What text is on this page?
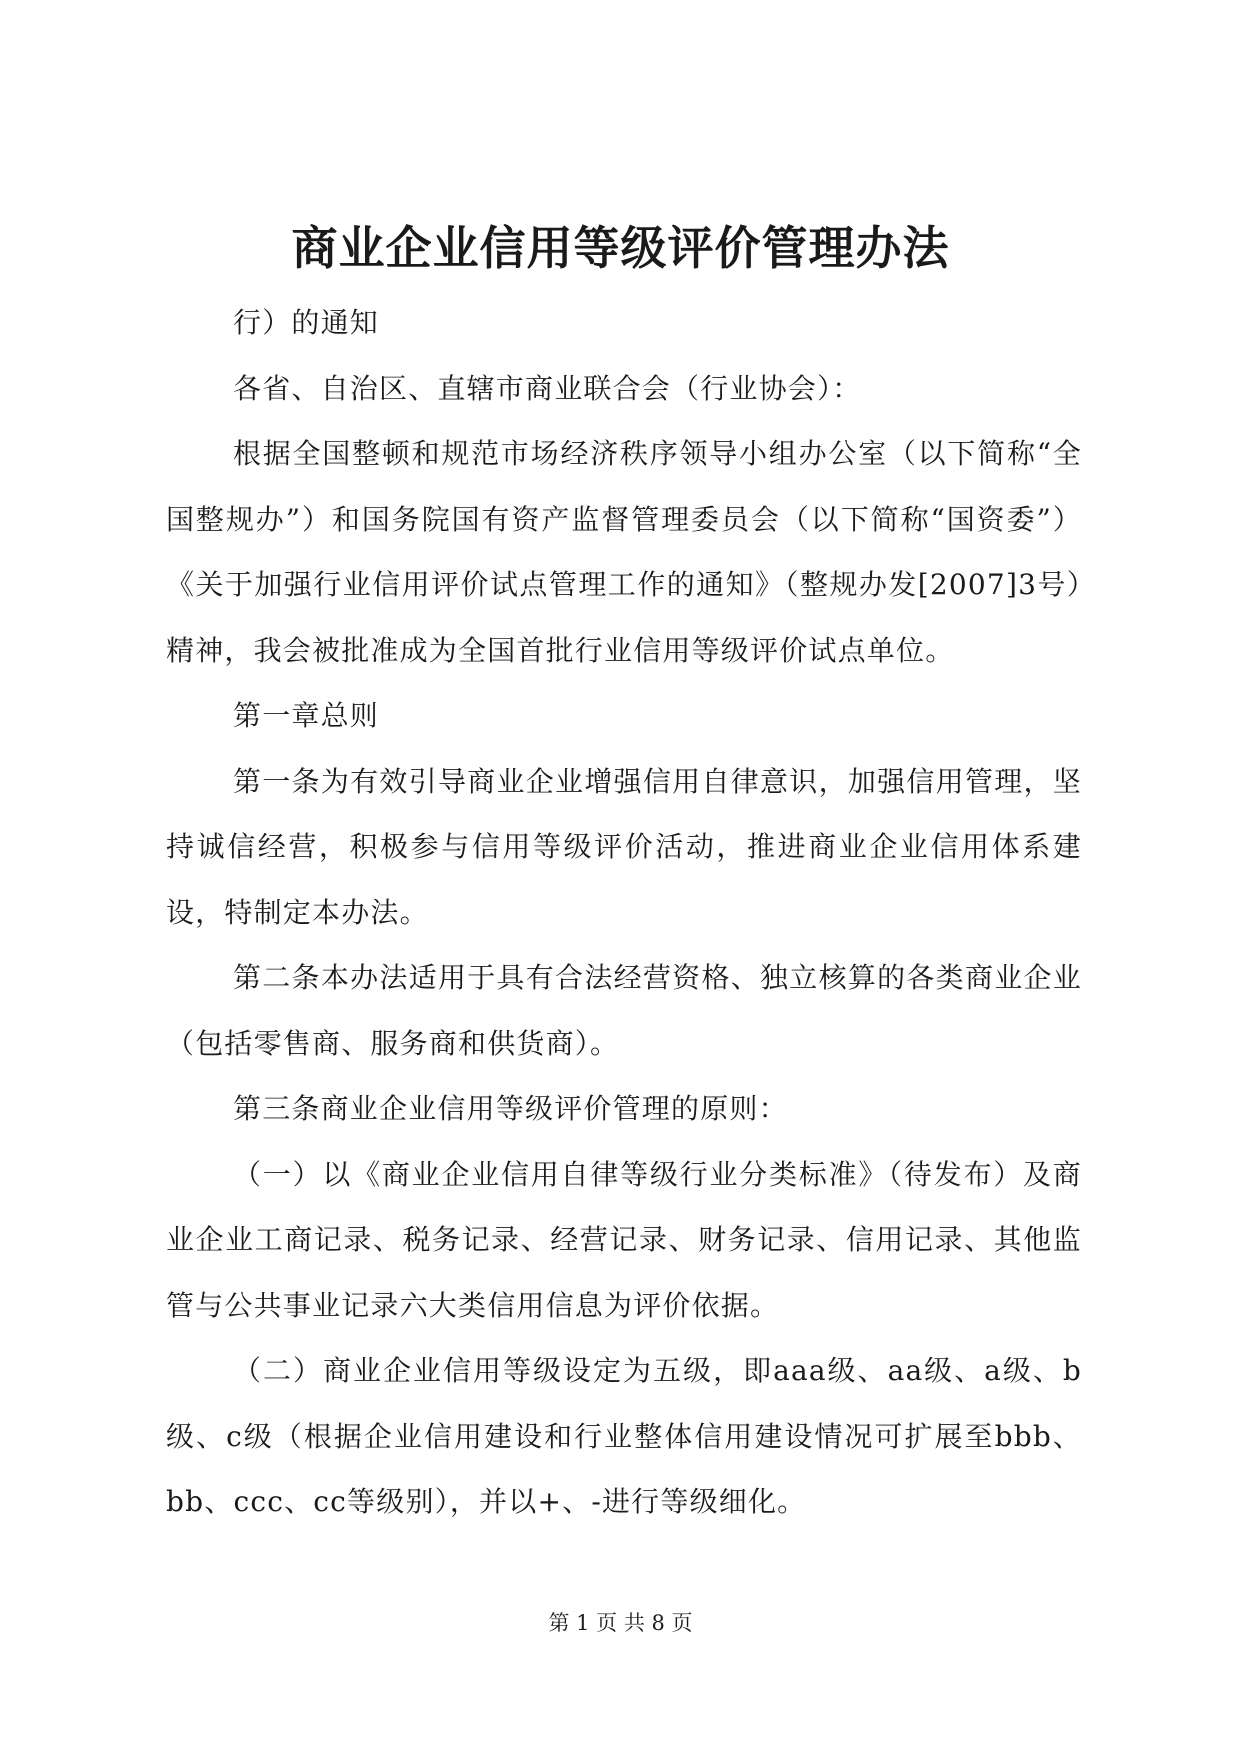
商业企业信用等级评价管理办法

行）的通知

各省、自治区、直辖市商业联合会（行业协会）：

根据全国整顿和规范市场经济秩序领导小组办公室（以下简称“全国整规办”）和国务院国有资产监督管理委员会（以下简称“国资委”）《关于加强行业信用评价试点管理工作的通知》（整规办发[2007]3号）精神，我会被批准成为全国首批行业信用等级评价试点单位。

第一章总则

第一条为有效引导商业企业增强信用自律意识，加强信用管理，坚持诚信经营，积极参与信用等级评价活动，推进商业企业信用体系建设，特制定本办法。

第二条本办法适用于具有合法经营资格、独立核算的各类商业企业（包括零售商、服务商和供货商）。

第三条商业企业信用等级评价管理的原则：

（一）以《商业企业信用自律等级行业分类标准》（待发布）及商业企业工商记录、税务记录、经营记录、财务记录、信用记录、其他监管与公共事业记录六大类信用信息为评价依据。

（二）商业企业信用等级设定为五级，即aaa级、aa级、a级、b级、c级（根据企业信用建设和行业整体信用建设情况可扩展至bbb、bb、ccc、cc等级别），并以+、-进行等级细化。

第 1 页 共 8 页
